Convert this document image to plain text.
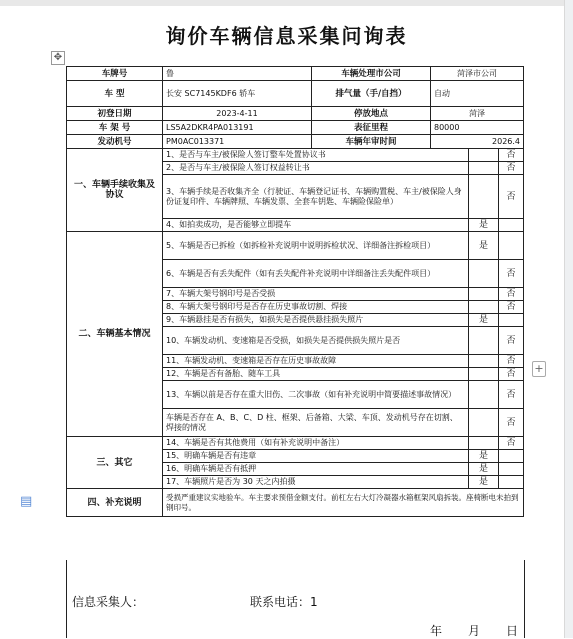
询价车辆信息采集问询表
✥
+
▤
车牌号	鲁	车辆处理市公司	菏泽市公司		
车 型	长安 SC7145KDF6 轿车	排气量（手/自挡）	自动		
初登日期	2023-4-11	停放地点	菏泽		
车 架 号	LS5A2DKR4PA013191	表征里程	80000		
发动机号	PM0AC013371	车辆年审时间	2026.4		
一、车辆手续收集及协议	1、是否与车主/被保险人签订整车处置协议书				否
	2、是否与车主/被保险人签订权益转让书				否
	3、车辆手续是否收集齐全（行驶证、车辆登记证书、车辆购置税、车主/被保险人身份证复印件、车辆牌照、车辆发票、全套车钥匙、车辆险保险单）				否
	4、如拍卖成功，是否能够立即提车			是	
二、车辆基本情况	5、车辆是否已拆检（如拆检补充说明中说明拆检状况、详细备注拆检项目）			是	
	6、车辆是否有丢失配件（如有丢失配件补充说明中详细备注丢失配件项目）				否
	7、车辆大架号钢印号是否受损				否
	8、车辆大架号钢印号是否存在历史事故切割、焊接				否
	9、车辆悬挂是否有损失，如损失是否提供悬挂损失照片			是	
	10、车辆发动机、变速箱是否受损，如损失是否提供损失照片是否				否
	11、车辆发动机、变速箱是否存在历史事故故障				否
	12、车辆是否有备胎、随车工具				否
	13、车辆以前是否存在重大旧伤、二次事故（如有补充说明中简要描述事故情况）				否
	车辆是否存在 A、B、C、D 柱、框架、后备箱、大梁、车顶、发动机号存在切割、焊接的情况				否
三、其它	14、车辆是否有其他费用（如有补充说明中备注）				否
	15、明确车辆是否有违章			是	
	16、明确车辆是否有抵押			是	
	17、车辆照片是否为 30 天之内拍摄			是	
四、补充说明	受损严重建议实地验车。车主要求预借金额支付。前杠左右大灯冷凝器水箱框架风扇拆装。座椅断电未拍到钢印号。				
信息采集人：	联系电话：1
年 月 日
